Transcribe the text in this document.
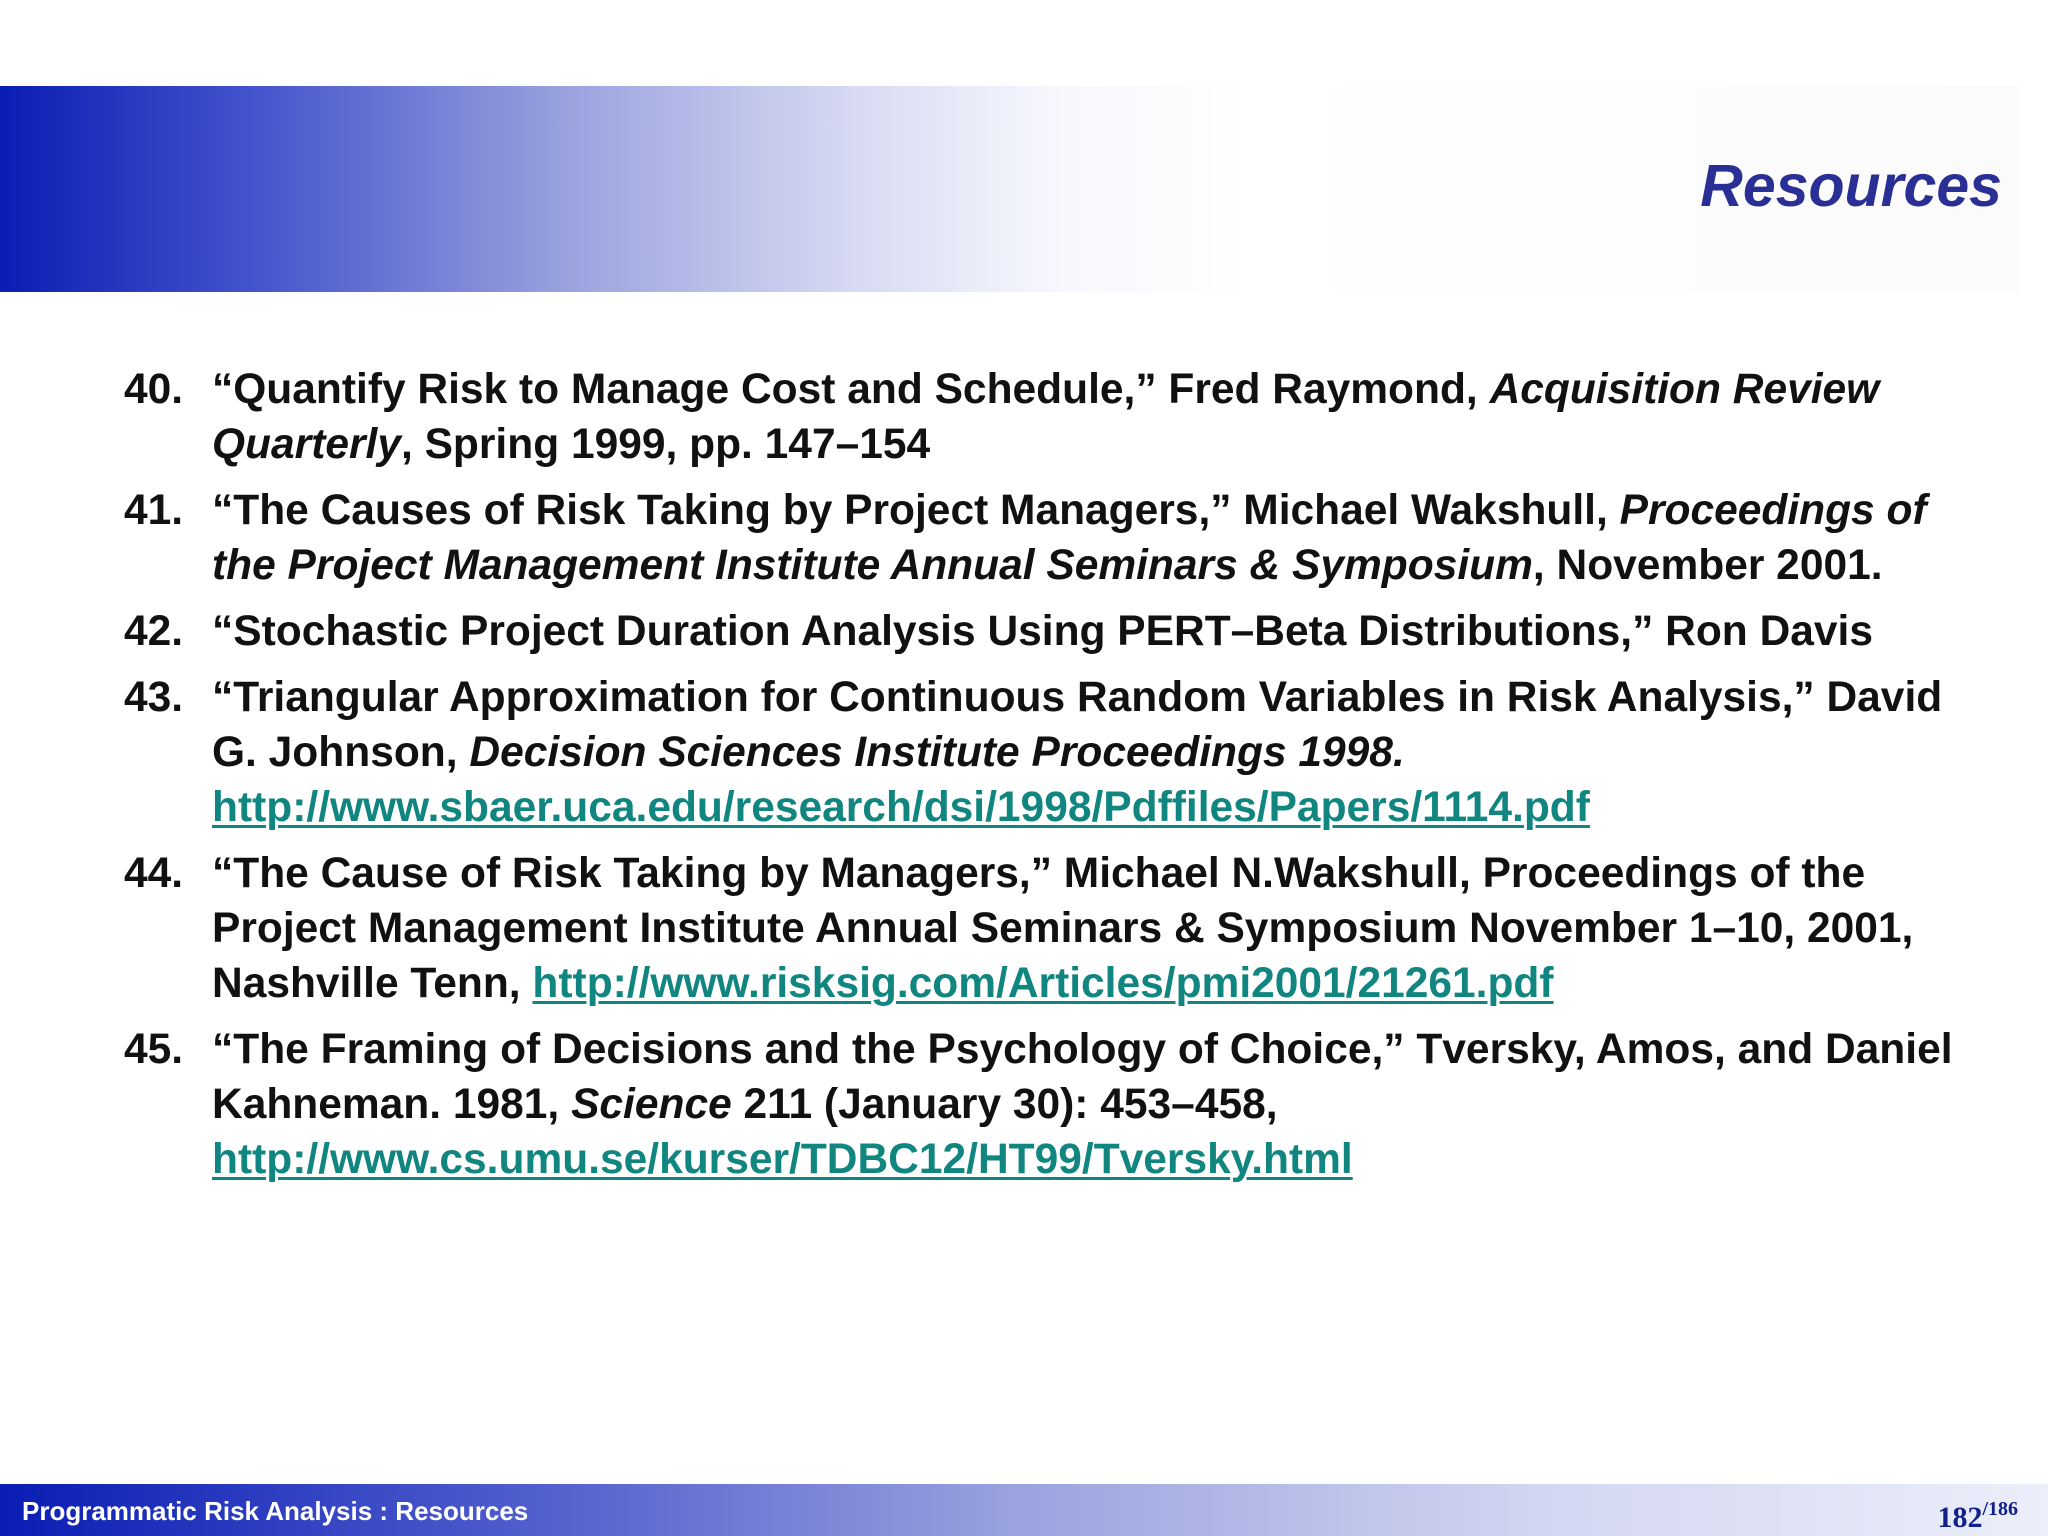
Resources
40. “Quantify Risk to Manage Cost and Schedule,” Fred Raymond, Acquisition Review Quarterly, Spring 1999, pp. 147–154
41. “The Causes of Risk Taking by Project Managers,” Michael Wakshull, Proceedings of the Project Management Institute Annual Seminars & Symposium, November 2001.
42. “Stochastic Project Duration Analysis Using PERT–Beta Distributions,” Ron Davis
43. “Triangular Approximation for Continuous Random Variables in Risk Analysis,” David G. Johnson, Decision Sciences Institute Proceedings 1998.
http://www.sbaer.uca.edu/research/dsi/1998/Pdffiles/Papers/1114.pdf
44. “The Cause of Risk Taking by Managers,” Michael N.Wakshull, Proceedings of the Project Management Institute Annual Seminars & Symposium November 1–10, 2001, Nashville Tenn, http://www.risksig.com/Articles/pmi2001/21261.pdf
45. “The Framing of Decisions and the Psychology of Choice,” Tversky, Amos, and Daniel Kahneman. 1981, Science 211 (January 30): 453–458,
http://www.cs.umu.se/kurser/TDBC12/HT99/Tversky.html
Programmatic Risk Analysis : Resources	182/186
